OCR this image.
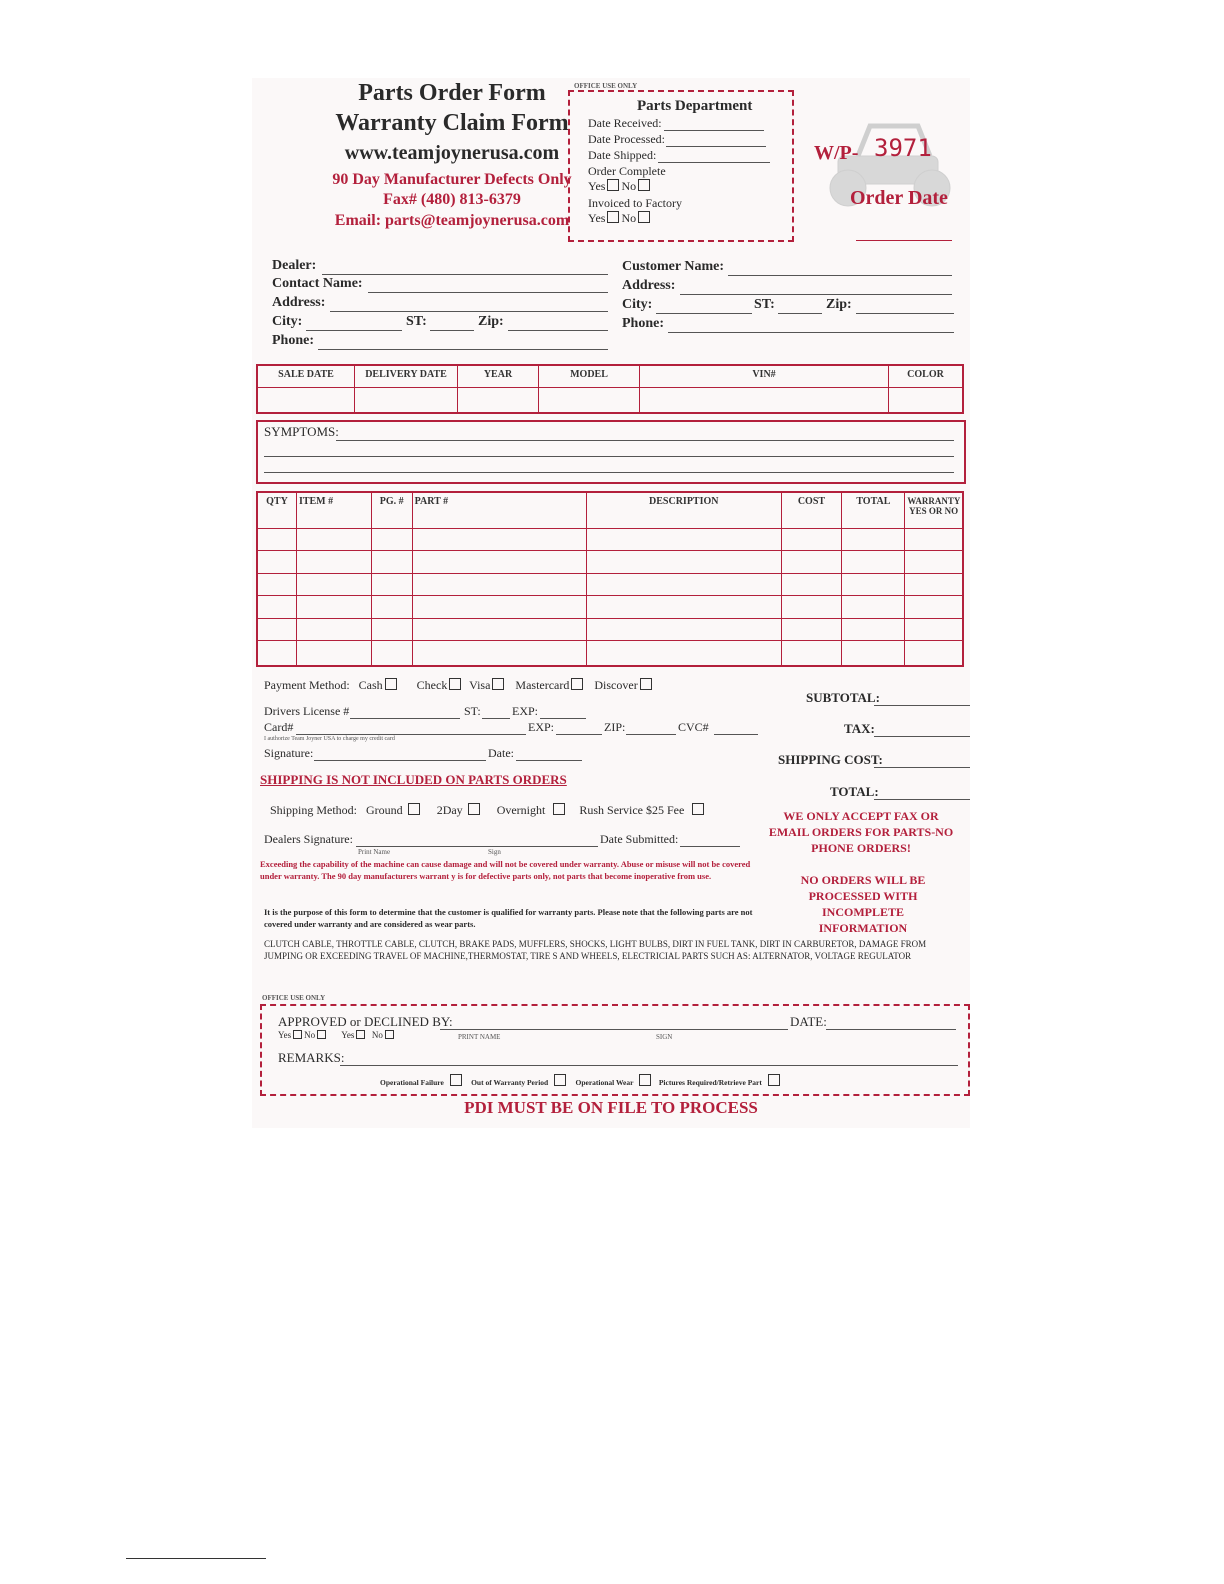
Parts Order Form
Warranty Claim Form
www.teamjoynerusa.com
90 Day Manufacturer Defects Only
Fax# (480) 813-6379
Email: parts@teamjoynerusa.com
OFFICE USE ONLY
Parts Department
Date Received:
Date Processed:
Date Shipped:
Order Complete
Yes No
Invoiced to Factory
Yes No
W/P- 3971
Order Date
Dealer:
Contact Name:
Address:
City:	ST:	Zip:
Phone:
Customer Name:
Address:
City:	ST:	Zip:
Phone:
SALE DATE	DELIVERY DATE	YEAR	MODEL	VIN#	COLOR

SYMPTOMS:
QTY	ITEM #	PG. #	PART #	DESCRIPTION	COST	TOTAL	WARRANTY YES OR NO

Payment Method: Cash	Check Visa Mastercard Discover
Drivers License #	ST:	EXP:
Card#	EXP:	ZIP:	CVC#
I authorize Team Joyner USA to charge my credit card
Signature:	Date:
SUBTOTAL:
TAX:
SHIPPING COST:
TOTAL:
SHIPPING IS NOT INCLUDED ON PARTS ORDERS
Shipping Method: Ground	2Day	Overnight	Rush Service $25 Fee
Dealers Signature:
Print Name	Sign
Date Submitted:
WE ONLY ACCEPT FAX OR EMAIL ORDERS FOR PARTS-NO PHONE ORDERS!
NO ORDERS WILL BE PROCESSED WITH INCOMPLETE INFORMATION
Exceeding the capability of the machine can cause damage and will not be covered under warranty. Abuse or misuse will not be covered under warranty. The 90 day manufacturers warrant y is for defective parts only, not parts that become inoperative from use.
It is the purpose of this form to determine that the customer is qualified for warranty parts. Please note that the following parts are not covered under warranty and are considered as wear parts.
CLUTCH CABLE, THROTTLE CABLE, CLUTCH, BRAKE PADS, MUFFLERS, SHOCKS, LIGHT BULBS, DIRT IN FUEL TANK, DIRT IN CARBURETOR, DAMAGE FROM JUMPING OR EXCEEDING TRAVEL OF MACHINE,THERMOSTAT, TIRE S AND WHEELS, ELECTRICIAL PARTS SUCH AS: ALTERNATOR, VOLTAGE REGULATOR
OFFICE USE ONLY
APPROVED or DECLINED BY:	DATE:
Yes No	Yes No	PRINT NAME	SIGN
REMARKS:
Operational Failure	Out of Warranty Period	Operational Wear	Pictures Required/Retrieve Part
PDI MUST BE ON FILE TO PROCESS
